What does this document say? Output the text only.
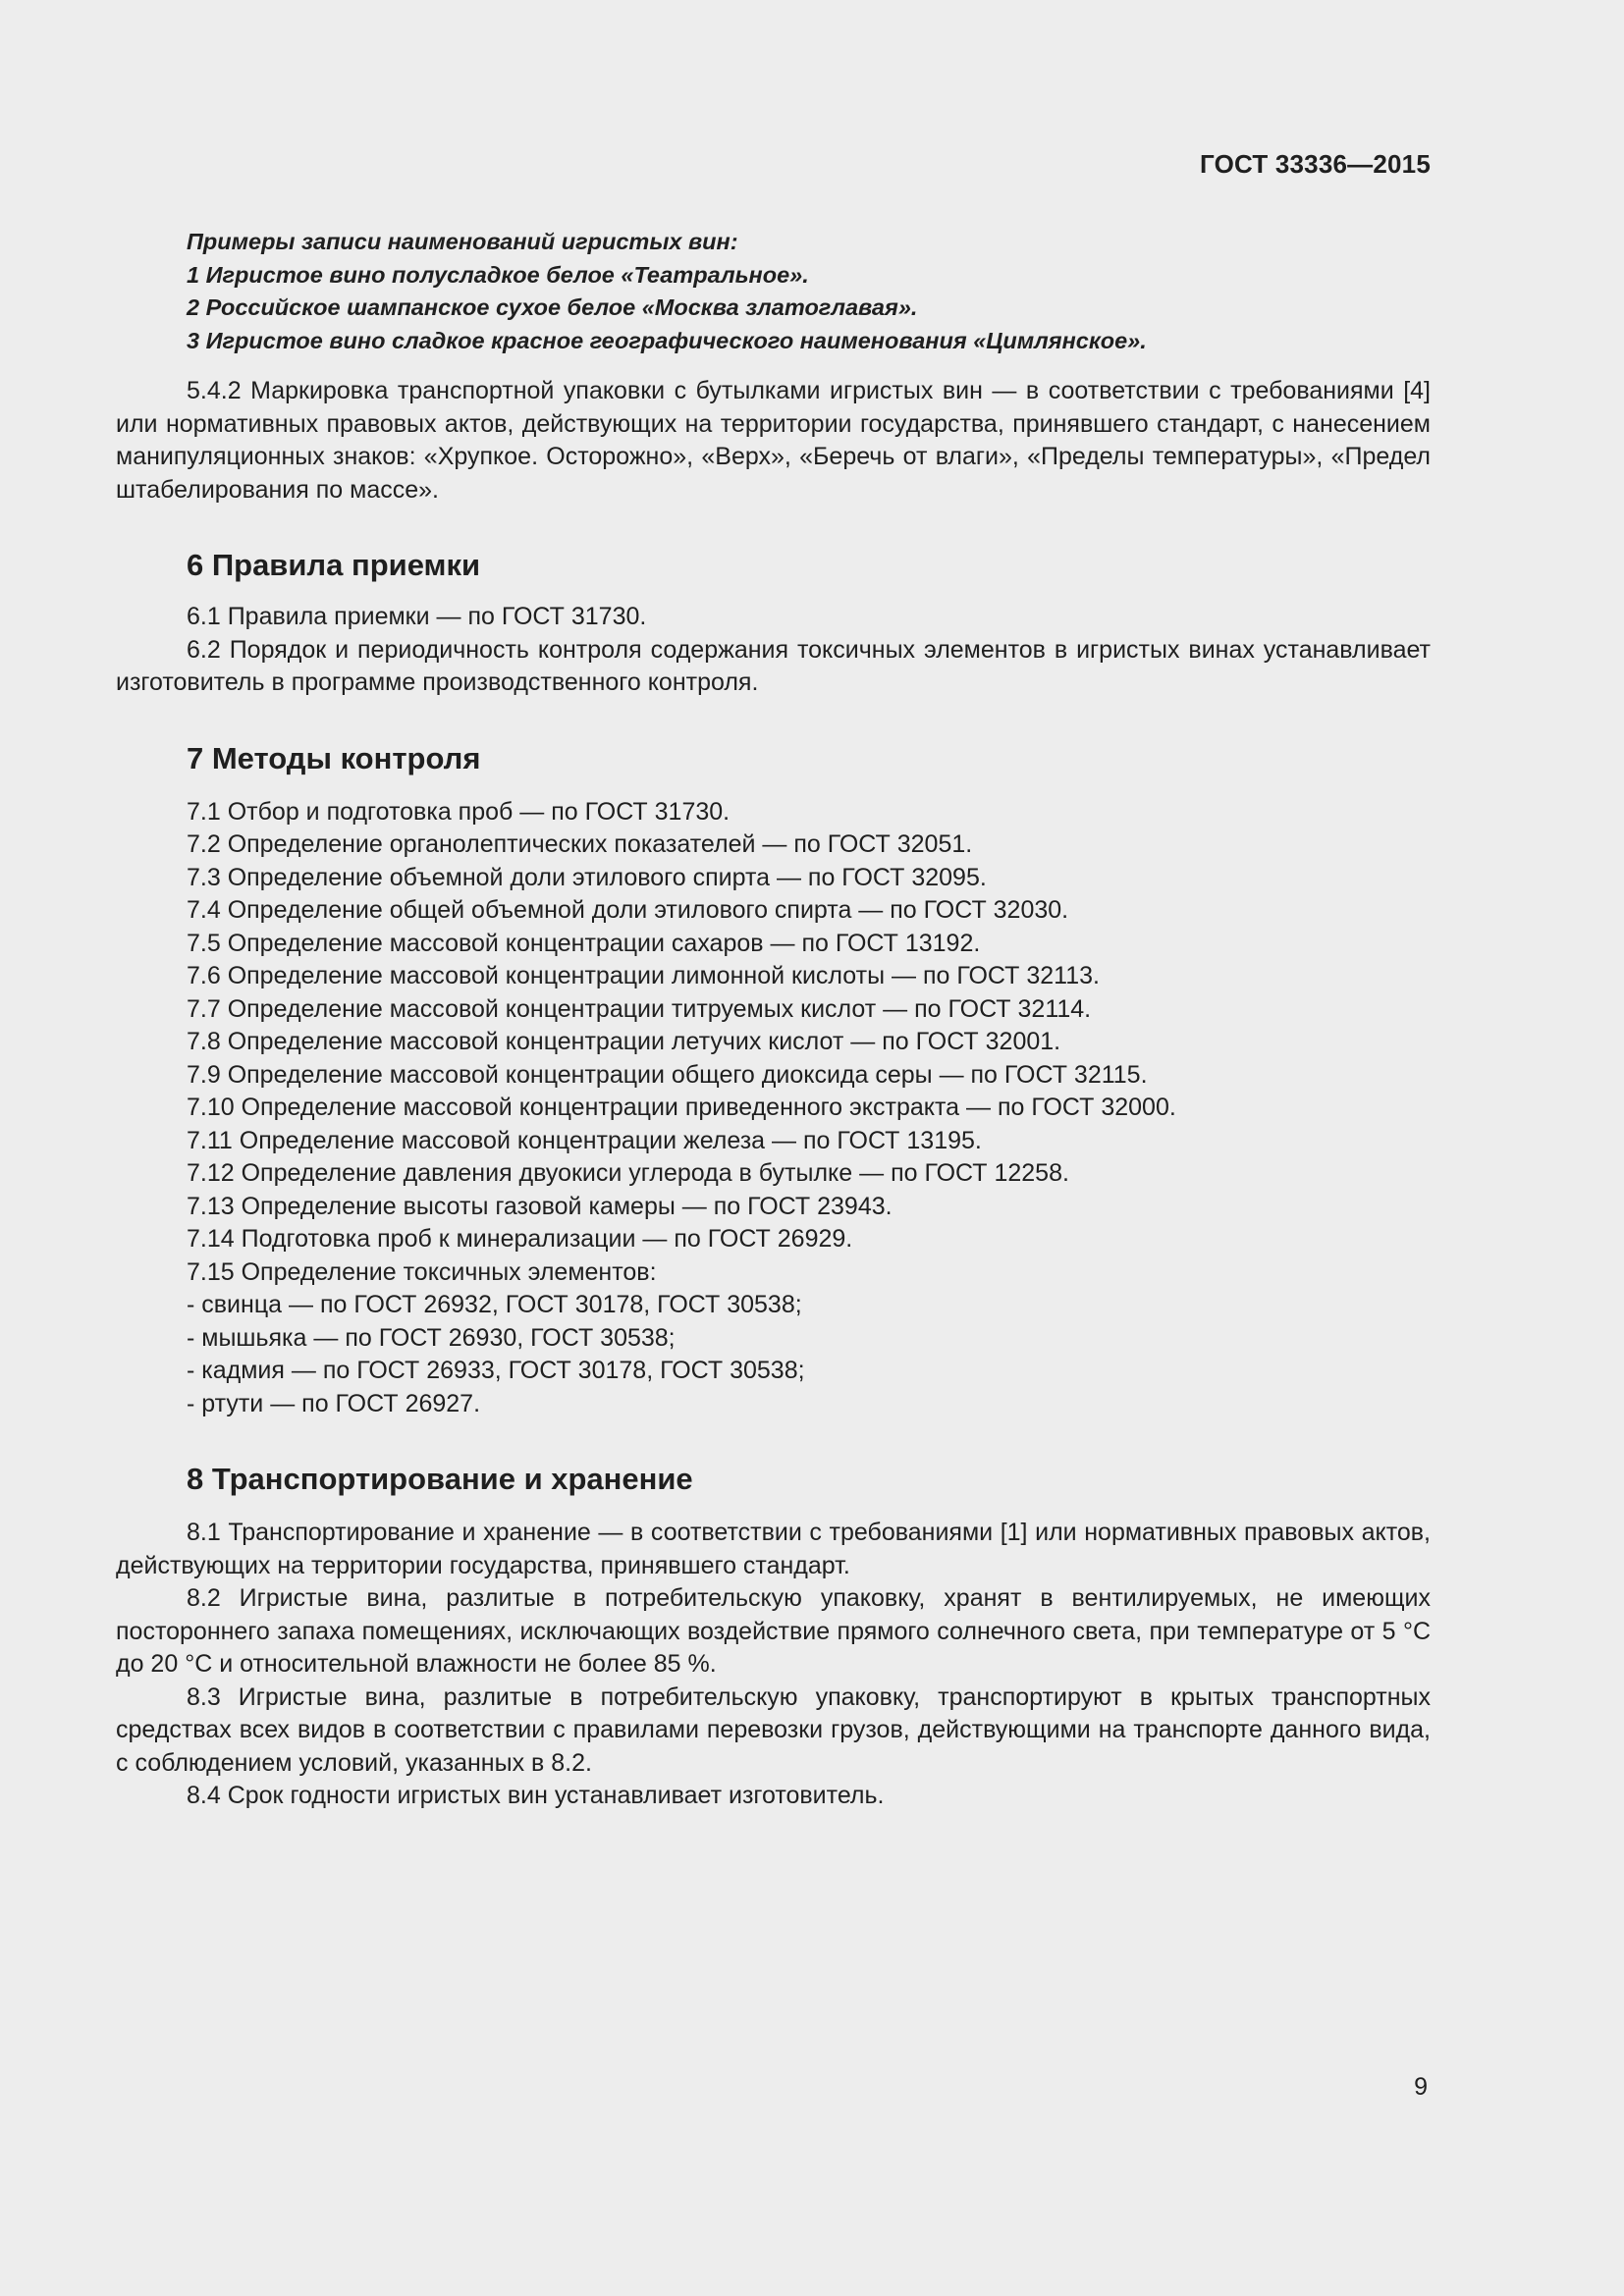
ГОСТ 33336—2015
Примеры записи наименований игристых вин:
1 Игристое вино полусладкое белое «Театральное».
2 Российское шампанское сухое белое «Москва златоглавая».
3 Игристое вино сладкое красное географического наименования «Цимлянское».

5.4.2 Маркировка транспортной упаковки с бутылками игристых вин — в соответствии с требованиями [4] или нормативных правовых актов, действующих на территории государства, принявшего стандарт, с нанесением манипуляционных знаков: «Хрупкое. Осторожно», «Верх», «Беречь от влаги», «Пределы температуры», «Предел штабелирования по массе».

6 Правила приемки

6.1 Правила приемки — по ГОСТ 31730.

6.2 Порядок и периодичность контроля содержания токсичных элементов в игристых винах устанавливает изготовитель в программе производственного контроля.

7 Методы контроля
7.1 Отбор и подготовка проб — по ГОСТ 31730.
7.2 Определение органолептических показателей — по ГОСТ 32051.
7.3 Определение объемной доли этилового спирта — по ГОСТ 32095.
7.4 Определение общей объемной доли этилового спирта — по ГОСТ 32030.
7.5 Определение массовой концентрации сахаров — по ГОСТ 13192.
7.6 Определение массовой концентрации лимонной кислоты — по ГОСТ 32113.
7.7 Определение массовой концентрации титруемых кислот — по ГОСТ 32114.
7.8 Определение массовой концентрации летучих кислот — по ГОСТ 32001.
7.9 Определение массовой концентрации общего диоксида серы — по ГОСТ 32115.
7.10 Определение массовой концентрации приведенного экстракта — по ГОСТ 32000.
7.11 Определение массовой концентрации железа — по ГОСТ 13195.
7.12 Определение давления двуокиси углерода в бутылке — по ГОСТ 12258.
7.13 Определение высоты газовой камеры — по ГОСТ 23943.
7.14 Подготовка проб к минерализации — по ГОСТ 26929.
7.15 Определение токсичных элементов:
- свинца — по ГОСТ 26932, ГОСТ 30178, ГОСТ 30538;
- мышьяка — по ГОСТ 26930, ГОСТ 30538;
- кадмия — по ГОСТ 26933, ГОСТ 30178, ГОСТ 30538;
- ртути — по ГОСТ 26927.
8 Транспортирование и хранение

8.1 Транспортирование и хранение — в соответствии с требованиями [1] или нормативных правовых актов, действующих на территории государства, принявшего стандарт.

8.2 Игристые вина, разлитые в потребительскую упаковку, хранят в вентилируемых, не имеющих постороннего запаха помещениях, исключающих воздействие прямого солнечного света, при температуре от 5 °С до 20 °С и относительной влажности не более 85 %.

8.3 Игристые вина, разлитые в потребительскую упаковку, транспортируют в крытых транспортных средствах всех видов в соответствии с правилами перевозки грузов, действующими на транспорте данного вида, с соблюдением условий, указанных в 8.2.

8.4 Срок годности игристых вин устанавливает изготовитель.

9
